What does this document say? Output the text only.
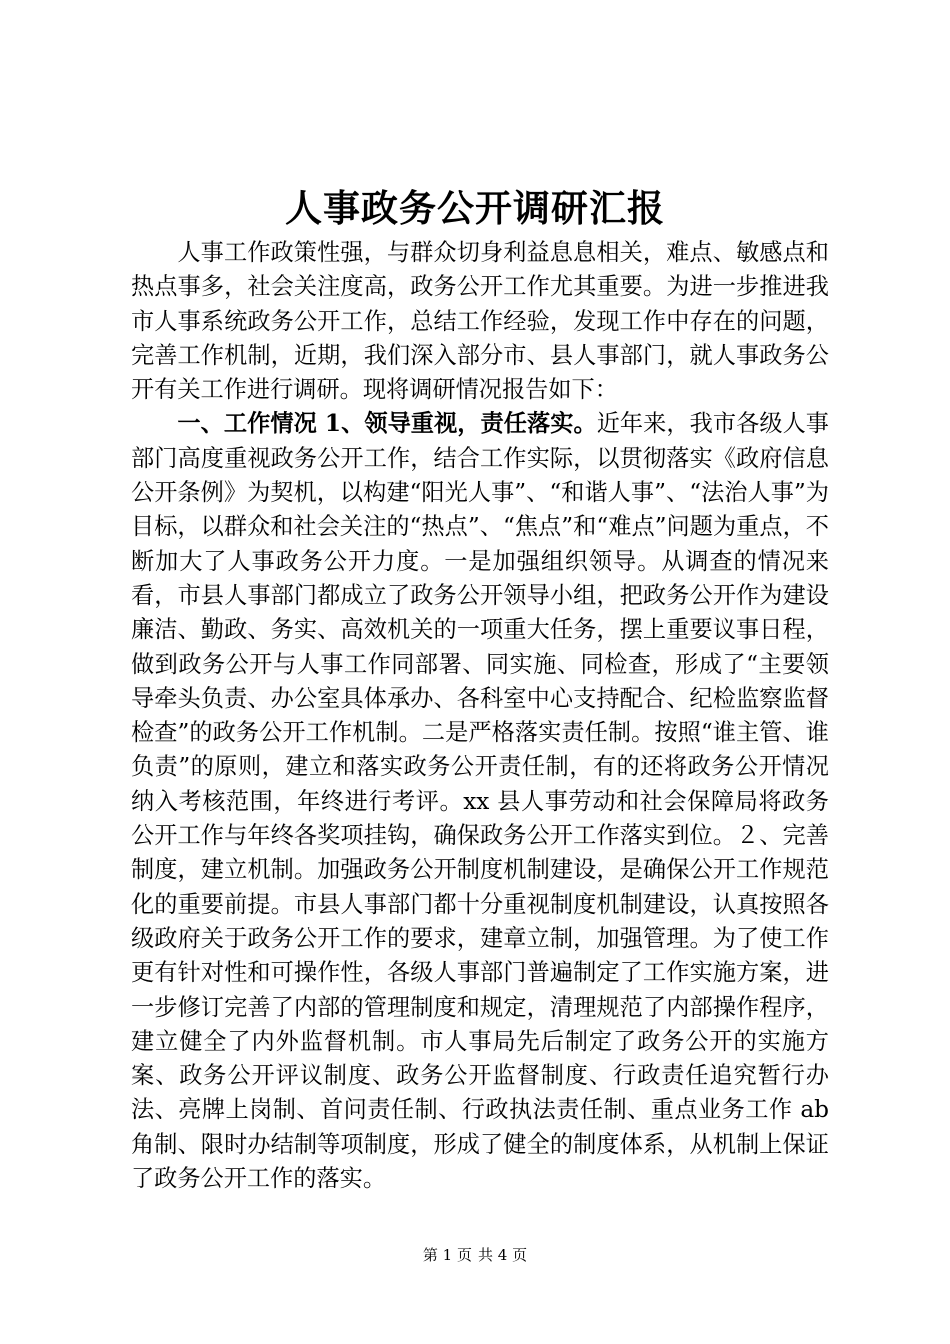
人事政务公开调研汇报

人事工作政策性强，与群众切身利益息息相关，难点、敏感点和热点事多，社会关注度高，政务公开工作尤其重要。为进一步推进我市人事系统政务公开工作，总结工作经验，发现工作中存在的问题，完善工作机制，近期，我们深入部分市、县人事部门，就人事政务公开有关工作进行调研。现将调研情况报告如下：

一、工作情况 1、领导重视，责任落实。近年来，我市各级人事部门高度重视政务公开工作，结合工作实际，以贯彻落实《政府信息公开条例》为契机，以构建“阳光人事”、“和谐人事”、“法治人事”为目标，以群众和社会关注的“热点”、“焦点”和“难点”问题为重点，不断加大了人事政务公开力度。一是加强组织领导。从调查的情况来看，市县人事部门都成立了政务公开领导小组，把政务公开作为建设廉洁、勤政、务实、高效机关的一项重大任务，摆上重要议事日程，做到政务公开与人事工作同部署、同实施、同检查，形成了“主要领导牵头负责、办公室具体承办、各科室中心支持配合、纪检监察监督检查”的政务公开工作机制。二是严格落实责任制。按照“谁主管、谁负责”的原则，建立和落实政务公开责任制，有的还将政务公开情况纳入考核范围，年终进行考评。xx 县人事劳动和社会保障局将政务公开工作与年终各奖项挂钩，确保政务公开工作落实到位。２、完善制度，建立机制。加强政务公开制度机制建设，是确保公开工作规范化的重要前提。市县人事部门都十分重视制度机制建设，认真按照各级政府关于政务公开工作的要求，建章立制，加强管理。为了使工作更有针对性和可操作性，各级人事部门普遍制定了工作实施方案，进一步修订完善了内部的管理制度和规定，清理规范了内部操作程序，建立健全了内外监督机制。市人事局先后制定了政务公开的实施方案、政务公开评议制度、政务公开监督制度、行政责任追究暂行办法、亮牌上岗制、首问责任制、行政执法责任制、重点业务工作 ab 角制、限时办结制等项制度，形成了健全的制度体系，从机制上保证了政务公开工作的落实。

第 1 页 共 4 页
